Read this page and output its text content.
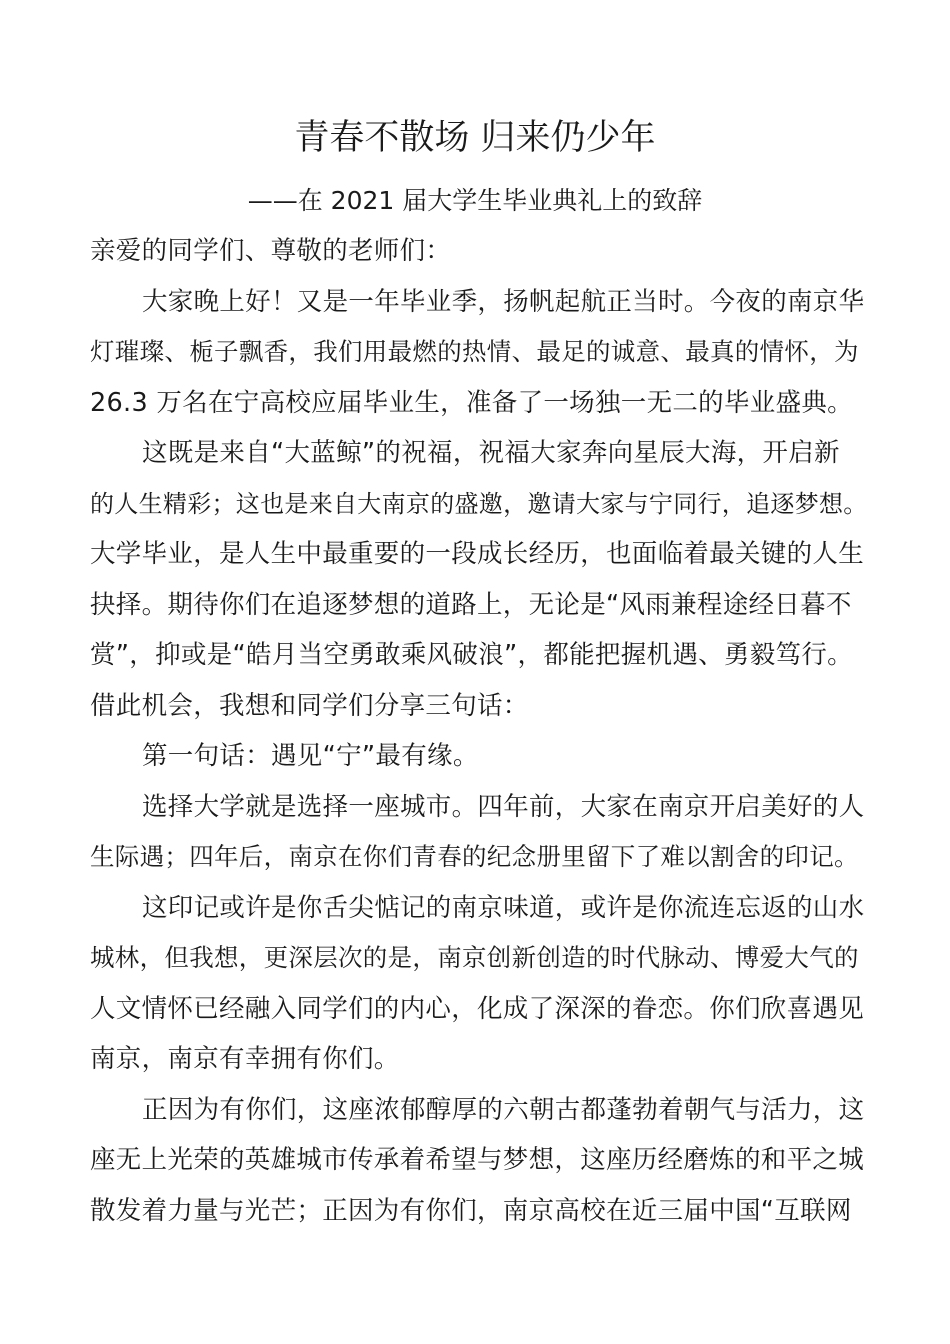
青春不散场 归来仍少年
——在 2021 届大学生毕业典礼上的致辞
亲爱的同学们、尊敬的老师们：
大家晚上好！又是一年毕业季，扬帆起航正当时。今夜的南京华
灯璀璨、栀子飘香，我们用最燃的热情、最足的诚意、最真的情怀，为
26.3 万名在宁高校应届毕业生，准备了一场独一无二的毕业盛典。
这既是来自“大蓝鲸”的祝福，祝福大家奔向星辰大海，开启新
的人生精彩；这也是来自大南京的盛邀，邀请大家与宁同行，追逐梦想。
大学毕业，是人生中最重要的一段成长经历，也面临着最关键的人生
抉择。期待你们在追逐梦想的道路上，无论是“风雨兼程途经日暮不
赏”，抑或是“皓月当空勇敢乘风破浪”，都能把握机遇、勇毅笃行。
借此机会，我想和同学们分享三句话：
第一句话：遇见“宁”最有缘。
选择大学就是选择一座城市。四年前，大家在南京开启美好的人
生际遇；四年后，南京在你们青春的纪念册里留下了难以割舍的印记。
这印记或许是你舌尖惦记的南京味道，或许是你流连忘返的山水
城林，但我想，更深层次的是，南京创新创造的时代脉动、博爱大气的
人文情怀已经融入同学们的内心，化成了深深的眷恋。你们欣喜遇见
南京，南京有幸拥有你们。
正因为有你们，这座浓郁醇厚的六朝古都蓬勃着朝气与活力，这
座无上光荣的英雄城市传承着希望与梦想，这座历经磨炼的和平之城
散发着力量与光芒；正因为有你们，南京高校在近三届中国“互联网
